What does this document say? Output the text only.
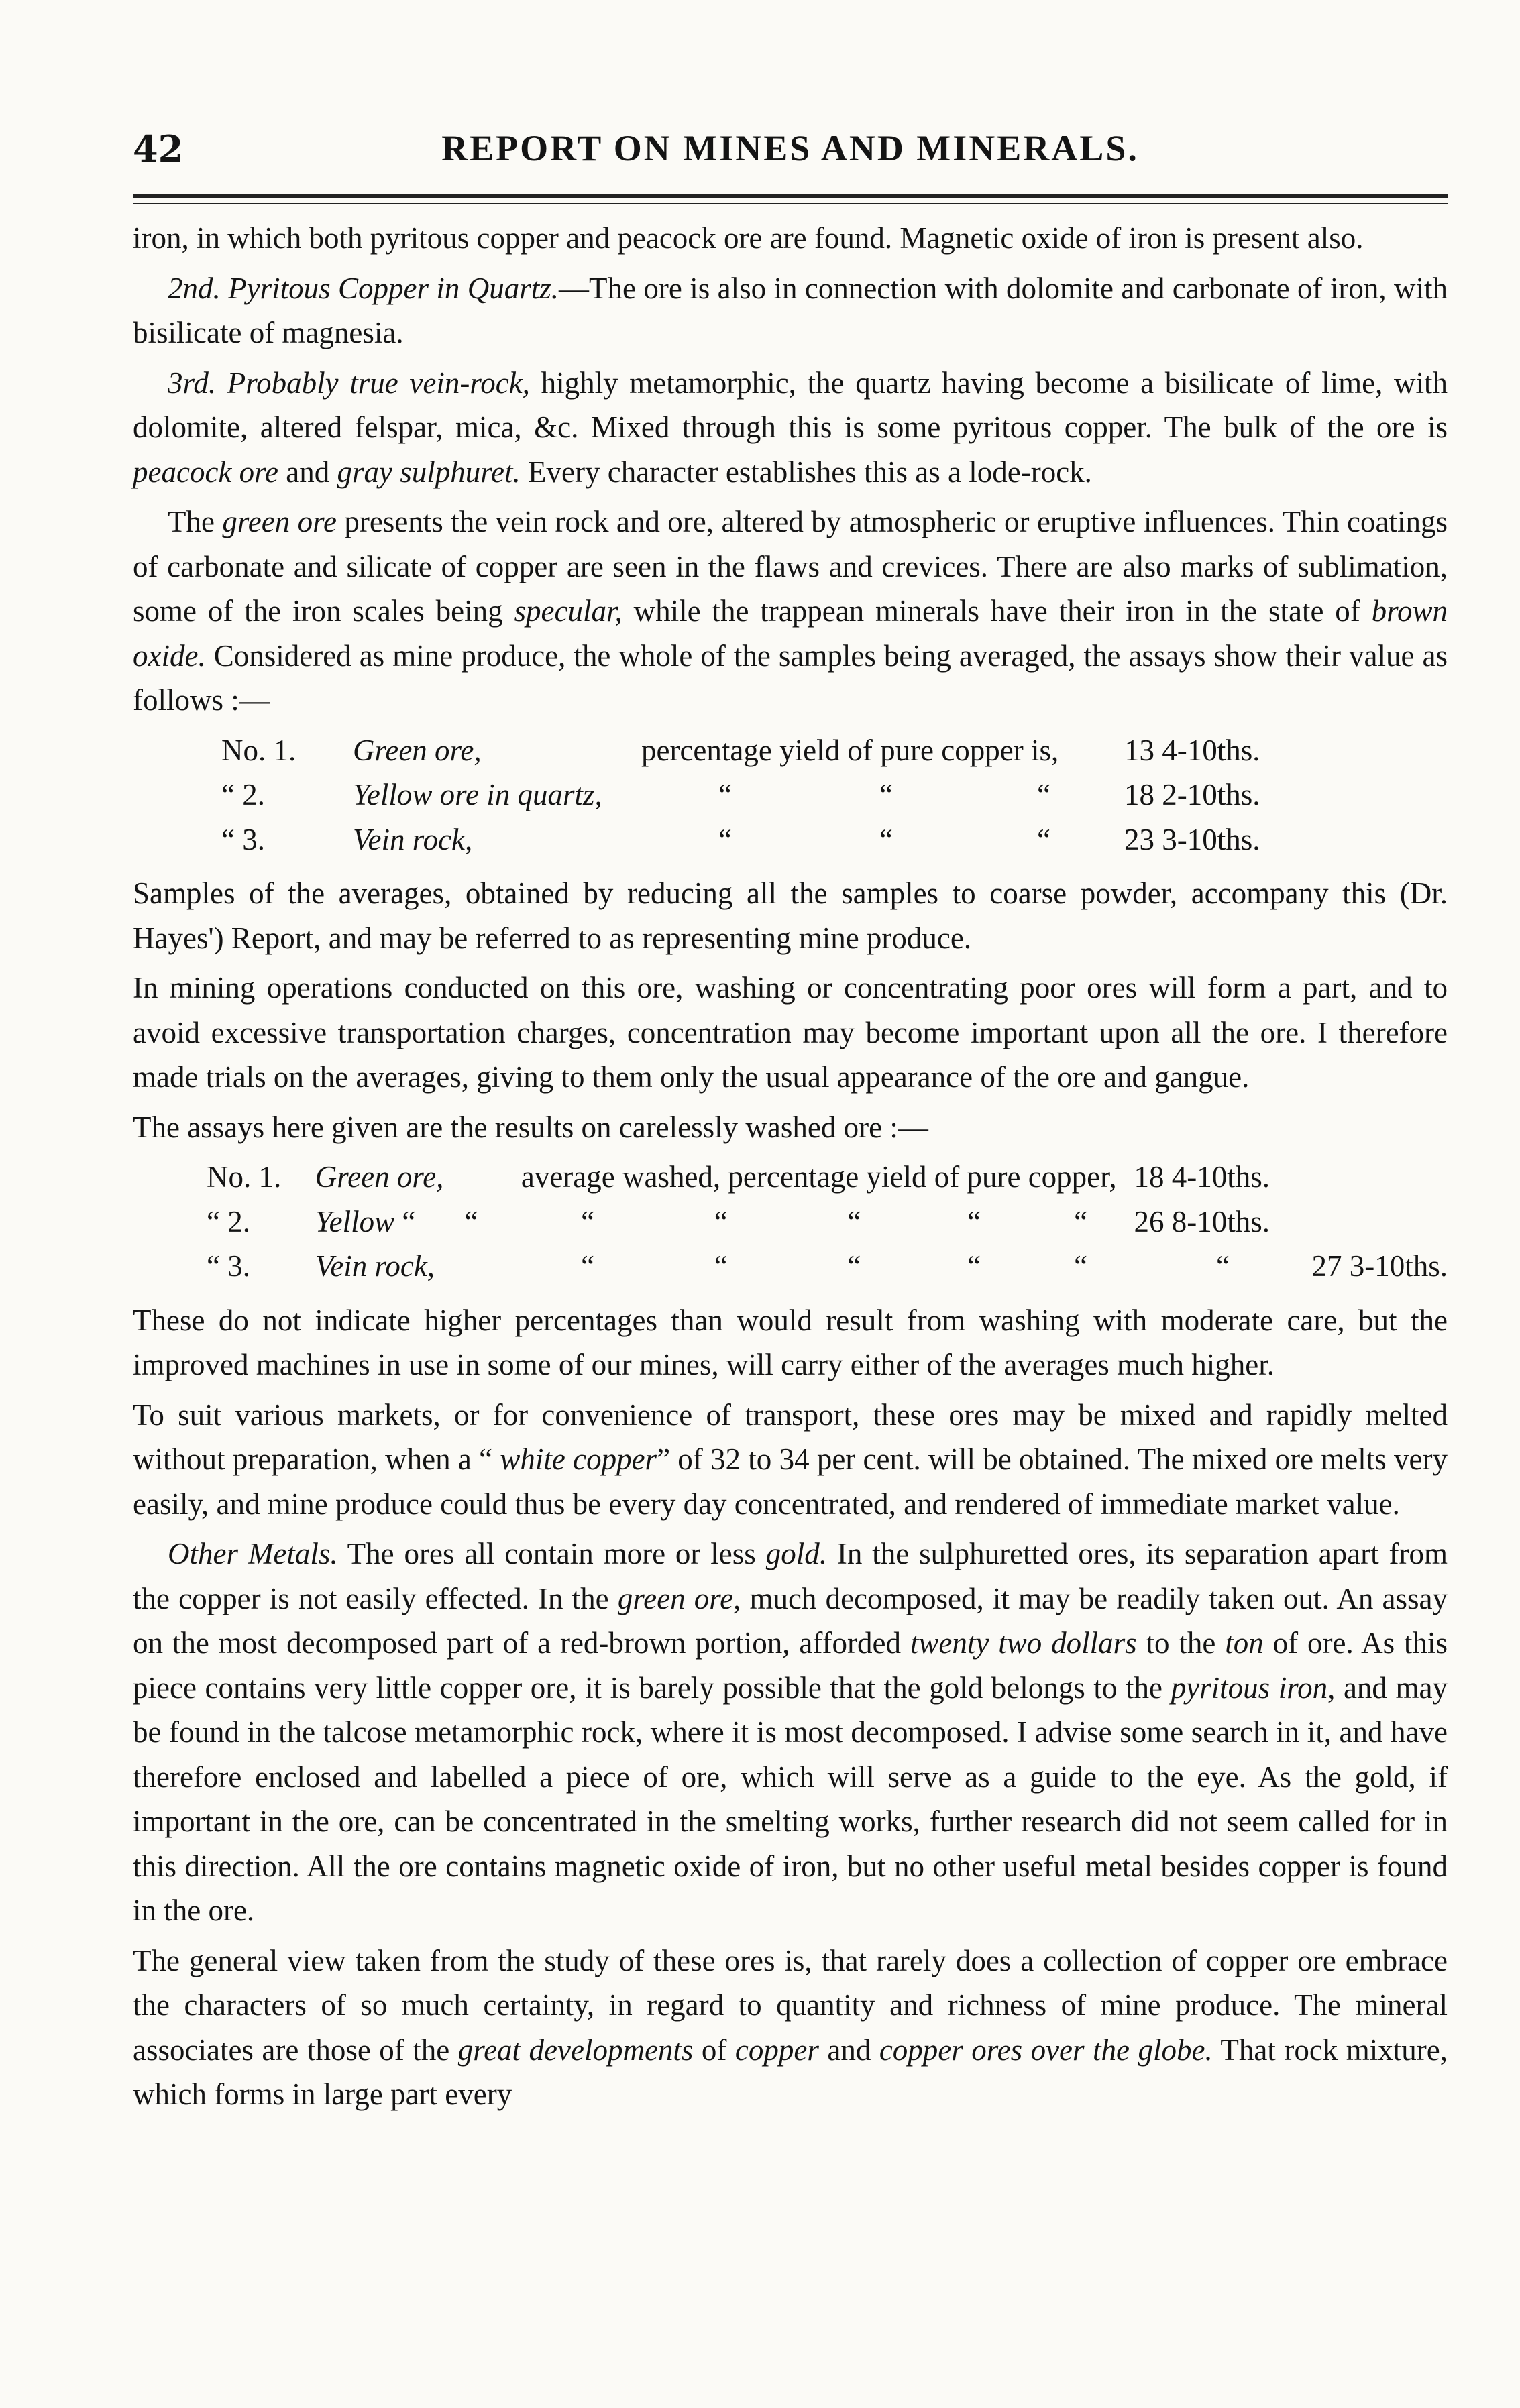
42	REPORT ON MINES AND MINERALS.

iron, in which both pyritous copper and peacock ore are found. Magnetic oxide of iron is present also.

2nd. Pyritous Copper in Quartz.—The ore is also in connection with dolomite and carbonate of iron, with bisilicate of magnesia.

3rd. Probably true vein-rock, highly metamorphic, the quartz having become a bisilicate of lime, with dolomite, altered felspar, mica, &c. Mixed through this is some pyritous copper. The bulk of the ore is peacock ore and gray sulphuret. Every character establishes this as a lode-rock.

The green ore presents the vein rock and ore, altered by atmospheric or eruptive influences. Thin coatings of carbonate and silicate of copper are seen in the flaws and crevices. There are also marks of sublimation, some of the iron scales being specular, while the trappean minerals have their iron in the state of brown oxide. Considered as mine produce, the whole of the samples being averaged, the assays show their value as follows :—

No. 1.	Green ore,	percentage yield of pure copper is,			13 4-10ths.
“ 2.	Yellow ore in quartz,	“	“	“	18 2-10ths.
“ 3.	Vein rock,	“	“	“	23 3-10ths.

Samples of the averages, obtained by reducing all the samples to coarse powder, accompany this (Dr. Hayes') Report, and may be referred to as representing mine produce.

In mining operations conducted on this ore, washing or concentrating poor ores will form a part, and to avoid excessive transportation charges, concentration may become important upon all the ore. I therefore made trials on the averages, giving to them only the usual appearance of the ore and gangue.

The assays here given are the results on carelessly washed ore :—

No. 1.	Green ore,		average washed, percentage yield of pure copper,					18 4-10ths.	
“ 2.	Yellow “	“	“	“	“	“	“	26 8-10ths.	
“ 3.	Vein rock,		“	“	“	“	“	“	27 3-10ths.

These do not indicate higher percentages than would result from washing with moderate care, but the improved machines in use in some of our mines, will carry either of the averages much higher.

To suit various markets, or for convenience of transport, these ores may be mixed and rapidly melted without preparation, when a “ white copper” of 32 to 34 per cent. will be obtained. The mixed ore melts very easily, and mine produce could thus be every day concentrated, and rendered of immediate market value.

Other Metals. The ores all contain more or less gold. In the sulphuretted ores, its separation apart from the copper is not easily effected. In the green ore, much decomposed, it may be readily taken out. An assay on the most decomposed part of a red-brown portion, afforded twenty two dollars to the ton of ore. As this piece contains very little copper ore, it is barely possible that the gold belongs to the pyritous iron, and may be found in the talcose metamorphic rock, where it is most decomposed. I advise some search in it, and have therefore enclosed and labelled a piece of ore, which will serve as a guide to the eye. As the gold, if important in the ore, can be concentrated in the smelting works, further research did not seem called for in this direction. All the ore contains magnetic oxide of iron, but no other useful metal besides copper is found in the ore.

The general view taken from the study of these ores is, that rarely does a collection of copper ore embrace the characters of so much certainty, in regard to quantity and richness of mine produce. The mineral associates are those of the great developments of copper and copper ores over the globe. That rock mixture, which forms in large part every
